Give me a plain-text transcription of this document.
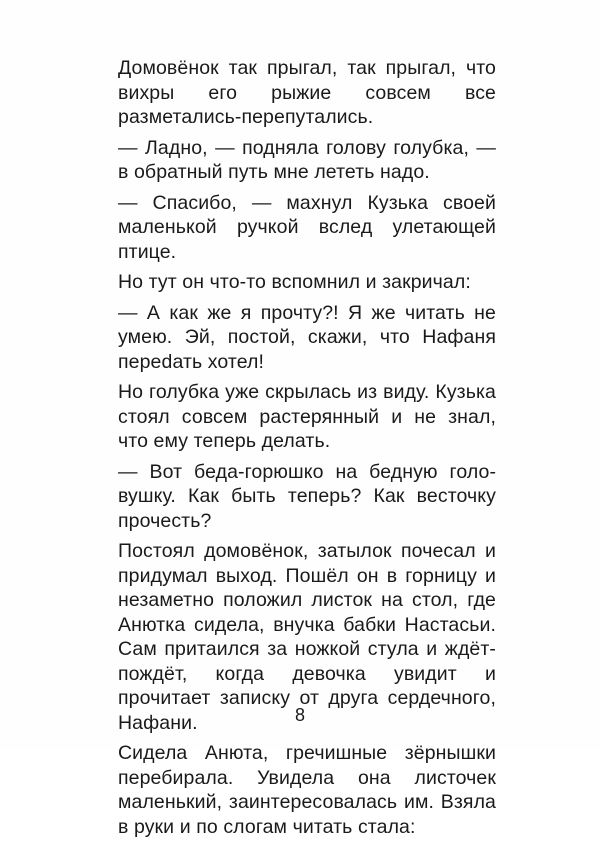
Домовёнок так прыгал, так прыгал, что вихры его рыжие совсем все разметались-перепутались.

— Ладно, — подняла голову голубка, — в обратный путь мне лететь надо.

— Спасибо, — махнул Кузька своей маленькой ручкой вслед улетающей птице.

Но тут он что-то вспомнил и закричал:

— А как же я прочту?! Я же читать не умею. Эй, постой, скажи, что Нафаня переdать хотел!

Но голубка уже скрылась из виду. Кузька стоял совсем растерянный и не знал, что ему теперь делать.

— Вот беда-горюшко на бедную головушку. Как быть теперь? Как весточку прочесть?

Постоял домовёнок, затылок почесал и придумал выход. Пошёл он в горницу и незаметно положил листок на стол, где Анютка сидела, внучка бабки Настасьи. Сам притаился за ножкой стула и ждёт-пождёт, когда девочка увидит и прочитает записку от друга сердечного, Нафани.

Сидела Анюта, гречишные зёрнышки перебирала. Увидела она листочек маленький, заинтересовалась им. Взяла в руки и по слогам читать стала:

8
